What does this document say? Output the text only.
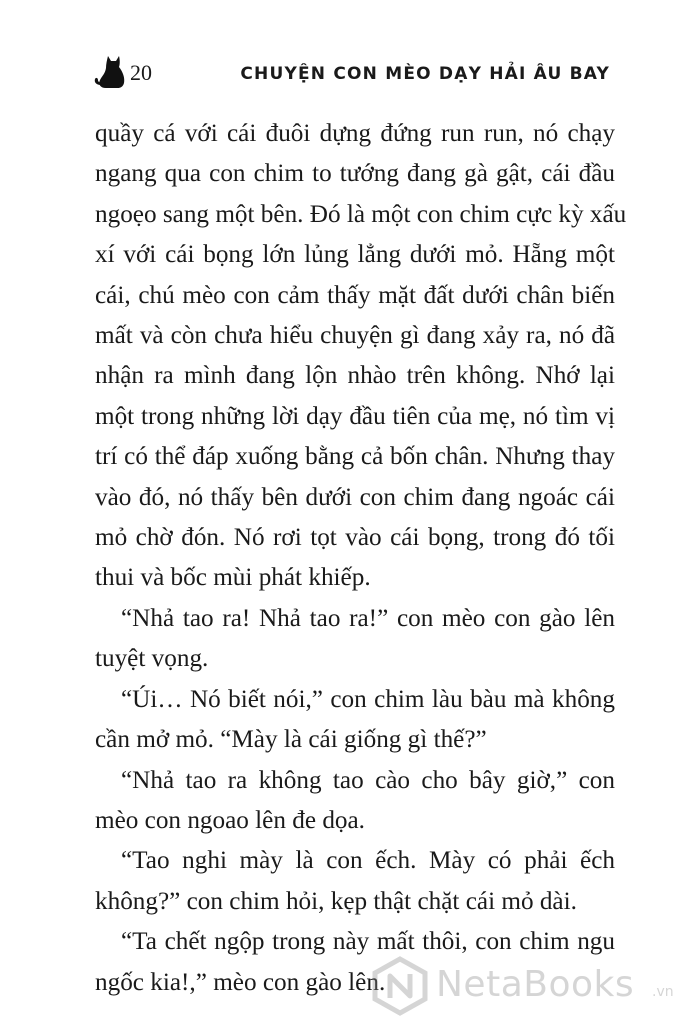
20	CHUYỆN CON MÈO DẠY HẢI ÂU BAY
quầy cá với cái đuôi dựng đứng run run, nó chạy
ngang qua con chim to tướng đang gà gật, cái đầu
ngoẹo sang một bên. Đó là một con chim cực kỳ xấu
xí với cái bọng lớn lủng lẳng dưới mỏ. Hẵng một
cái, chú mèo con cảm thấy mặt đất dưới chân biến
mất và còn chưa hiểu chuyện gì đang xảy ra, nó đã
nhận ra mình đang lộn nhào trên không. Nhớ lại
một trong những lời dạy đầu tiên của mẹ, nó tìm vị
trí có thể đáp xuống bằng cả bốn chân. Nhưng thay
vào đó, nó thấy bên dưới con chim đang ngoác cái
mỏ chờ đón. Nó rơi tọt vào cái bọng, trong đó tối
thui và bốc mùi phát khiếp.
“Nhả tao ra! Nhả tao ra!” con mèo con gào lên
tuyệt vọng.
“Úi… Nó biết nói,” con chim làu bàu mà không
cần mở mỏ. “Mày là cái giống gì thế?”
“Nhả tao ra không tao cào cho bây giờ,” con
mèo con ngoao lên đe dọa.
“Tao nghi mày là con ếch. Mày có phải ếch
không?” con chim hỏi, kẹp thật chặt cái mỏ dài.
“Ta chết ngộp trong này mất thôi, con chim ngu
ngốc kia!,” mèo con gào lên.	NetaBooks .vn
